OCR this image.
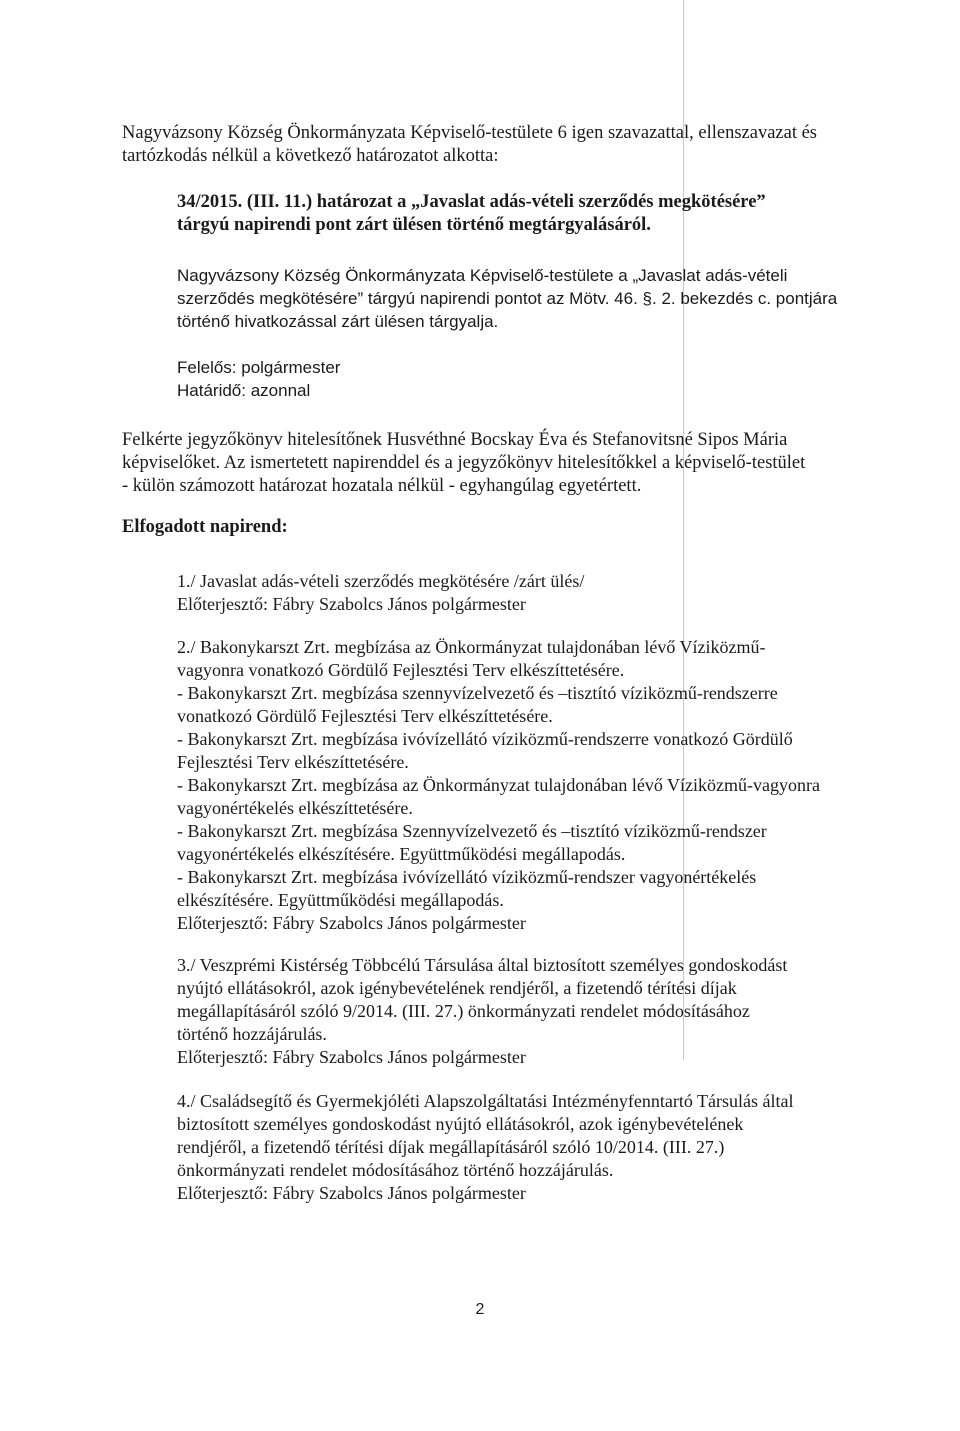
Nagyvázsony Község Önkormányzata Képviselő-testülete 6 igen szavazattal, ellenszavazat és
tartózkodás nélkül a következő határozatot alkotta:
34/2015. (III. 11.) határozat a „Javaslat adás-vételi szerződés megkötésére”
tárgyú napirendi pont zárt ülésen történő megtárgyalásáról.
Nagyvázsony Község Önkormányzata Képviselő-testülete a „Javaslat adás-vételi
szerződés megkötésére” tárgyú napirendi pontot az Mötv. 46. §. 2. bekezdés c. pontjára
történő hivatkozással zárt ülésen tárgyalja.
Felelős: polgármester
Határidő: azonnal
Felkérte jegyzőkönyv hitelesítőnek Husvéthné Bocskay Éva és Stefanovitsné Sipos Mária
képviselőket. Az ismertetett napirenddel és a jegyzőkönyv hitelesítőkkel a képviselő-testület
- külön számozott határozat hozatala nélkül - egyhangúlag egyetértett.
Elfogadott napirend:
1./ Javaslat adás-vételi szerződés megkötésére /zárt ülés/
Előterjesztő: Fábry Szabolcs János polgármester
2./ Bakonykarszt Zrt. megbízása az Önkormányzat tulajdonában lévő Víziközmű-
vagyonra vonatkozó Gördülő Fejlesztési Terv elkészíttetésére.
- Bakonykarszt Zrt. megbízása szennyvízelvezető és –tisztító víziközmű-rendszerre
vonatkozó Gördülő Fejlesztési Terv elkészíttetésére.
- Bakonykarszt Zrt. megbízása ivóvízellátó víziközmű-rendszerre vonatkozó Gördülő
Fejlesztési Terv elkészíttetésére.
- Bakonykarszt Zrt. megbízása az Önkormányzat tulajdonában lévő Víziközmű-vagyonra
vagyonértékelés elkészíttetésére.
- Bakonykarszt Zrt. megbízása Szennyvízelvezető és –tisztító víziközmű-rendszer
vagyonértékelés elkészítésére. Együttműködési megállapodás.
- Bakonykarszt Zrt. megbízása ivóvízellátó víziközmű-rendszer vagyonértékelés
elkészítésére. Együttműködési megállapodás.
Előterjesztő: Fábry Szabolcs János polgármester
3./ Veszprémi Kistérség Többcélú Társulása által biztosított személyes gondoskodást
nyújtó ellátásokról, azok igénybevételének rendjéről, a fizetendő térítési díjak
megállapításáról szóló 9/2014. (III. 27.) önkormányzati rendelet módosításához
történő hozzájárulás.
Előterjesztő: Fábry Szabolcs János polgármester
4./ Családsegítő és Gyermekjóléti Alapszolgáltatási Intézményfenntartó Társulás által
biztosított személyes gondoskodást nyújtó ellátásokról, azok igénybevételének
rendjéről, a fizetendő térítési díjak megállapításáról szóló 10/2014. (III. 27.)
önkormányzati rendelet módosításához történő hozzájárulás.
Előterjesztő: Fábry Szabolcs János polgármester
2
